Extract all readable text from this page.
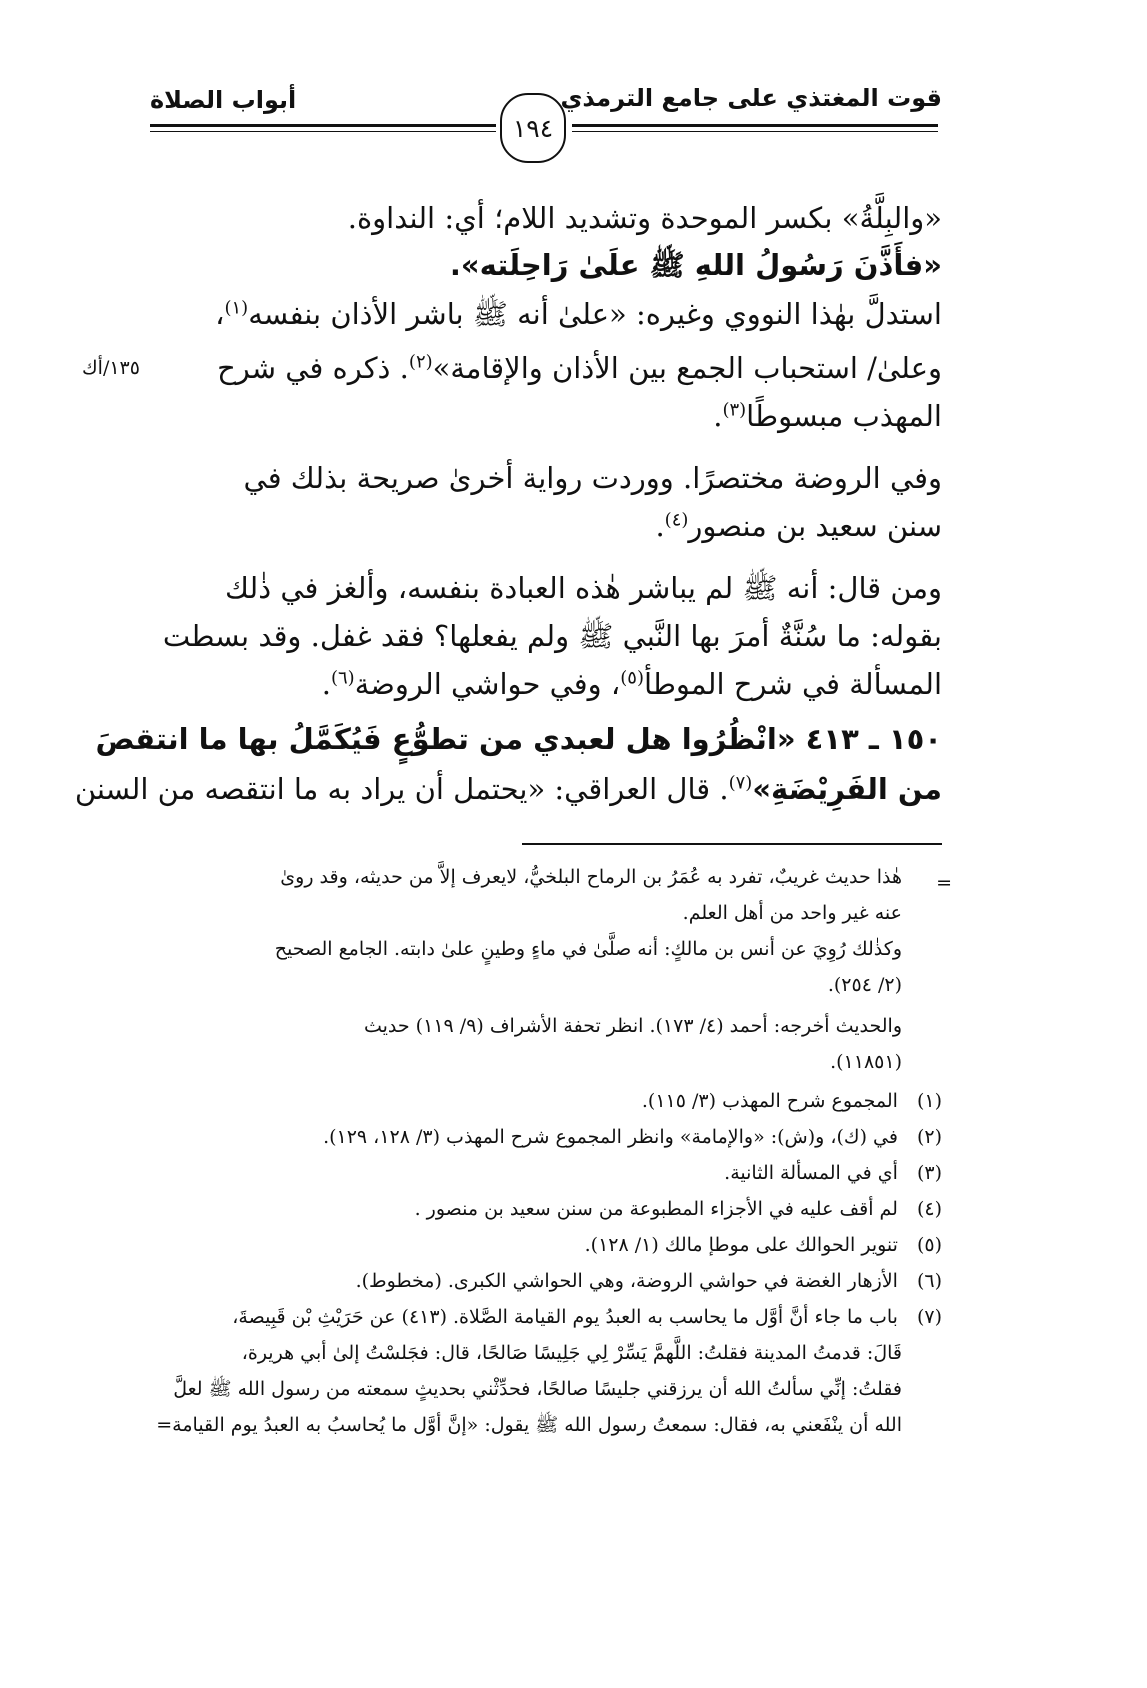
قوت المغتذي على جامع الترمذي
أبواب الصلاة
١٩٤
«والبِلَّةُ» بكسر الموحدة وتشديد اللام؛ أي: النداوة.
«فأَذَّنَ رَسُولُ اللهِ ﷺ علَىٰ رَاحِلَته».
استدلَّ بهٰذا النووي وغيره: «علىٰ أنه ﷺ باشر الأذان بنفسه$^{(١)}$،
وعلىٰ/ استحباب الجمع بين الأذان والإقامة»$^{(٢)}$. ذكره في شرح
١٣٥/أك
المهذب مبسوطًا$^{(٣)}$.
وفي الروضة مختصرًا. ووردت رواية أخرىٰ صريحة بذلك في
سنن سعيد بن منصور$^{(٤)}$.
ومن قال: أنه ﷺ لم يباشر هٰذه العبادة بنفسه، وألغز في ذٰلك
بقوله: ما سُنَّةٌ أمرَ بها النَّبي ﷺ ولم يفعلها؟ فقد غفل. وقد بسطت
المسألة في شرح الموطأ$^{(٥)}$، وفي حواشي الروضة$^{(٦)}$.
١٥٠ ـ ٤١٣ «انْظُرُوا هل لعبدي من تطوُّعٍ فَيُكَمَّلُ بها ما انتقصَ
من الفَرِيْضَةِ»$^{(٧)}$. قال العراقي: «يحتمل أن يراد به ما انتقصه من السنن
=
هٰذا حديث غريبٌ، تفرد به عُمَرُ بن الرماح البلخيُّ، لايعرف إلاَّ من حديثه، وقد روىٰ
عنه غير واحد من أهل العلم.
وكذٰلك رُوِيَ عن أنس بن مالكٍ: أنه صلَّىٰ في ماءٍ وطينٍ علىٰ دابته. الجامع الصحيح
(٢/ ٢٥٤).
والحديث أخرجه: أحمد (٤/ ١٧٣). انظر تحفة الأشراف (٩/ ١١٩) حديث
(١١٨٥١).
(١) المجموع شرح المهذب (٣/ ١١٥).
(٢) في (ك)، و(ش): «والإمامة» وانظر المجموع شرح المهذب (٣/ ١٢٨، ١٢٩).
(٣) أي في المسألة الثانية.
(٤) لم أقف عليه في الأجزاء المطبوعة من سنن سعيد بن منصور .
(٥) تنوير الحوالك على موطإ مالك (١/ ١٢٨).
(٦) الأزهار الغضة في حواشي الروضة، وهي الحواشي الكبرى. (مخطوط).
(٧) باب ما جاء أنَّ أوَّل ما يحاسب به العبدُ يوم القيامة الصَّلاة. (٤١٣) عن حَرَيْثِ بْن قَبِيصةَ،
قَالَ: قدمتُ المدينة فقلتُ: اللَّهمَّ يَسِّرْ لِي جَلِيسًا صَالحًا، قال: فجَلسْتُ إلىٰ أبي هريرة،
فقلتُ: إنِّي سألتُ الله أن يرزقني جليسًا صالحًا، فحدِّثْني بحديثٍ سمعته من رسول الله ﷺ لعلَّ
الله أن ينْفَعني به، فقال: سمعتُ رسول الله ﷺ يقول: «إنَّ أوَّل ما يُحاسبُ به العبدُ يوم القيامة=
